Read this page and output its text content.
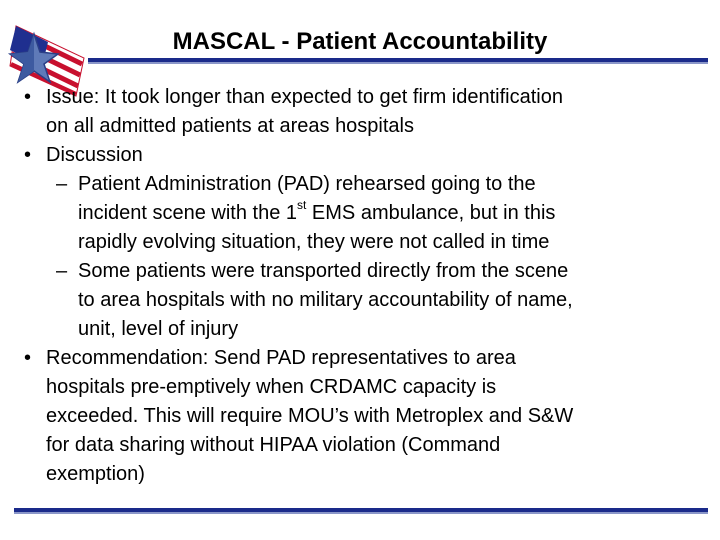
MASCAL - Patient Accountability
• Issue: It took longer than expected to get firm identification
on all admitted patients at areas hospitals
• Discussion
– Patient Administration (PAD) rehearsed going to the
incident scene with the 1st EMS ambulance, but in this
rapidly evolving situation, they were not called in time
– Some patients were transported directly from the scene
to area hospitals with no military accountability of name,
unit, level of injury
• Recommendation: Send PAD representatives to area
hospitals pre-emptively when CRDAMC capacity is
exceeded. This will require MOU’s with Metroplex and S&W
for data sharing without HIPAA violation (Command
exemption)
